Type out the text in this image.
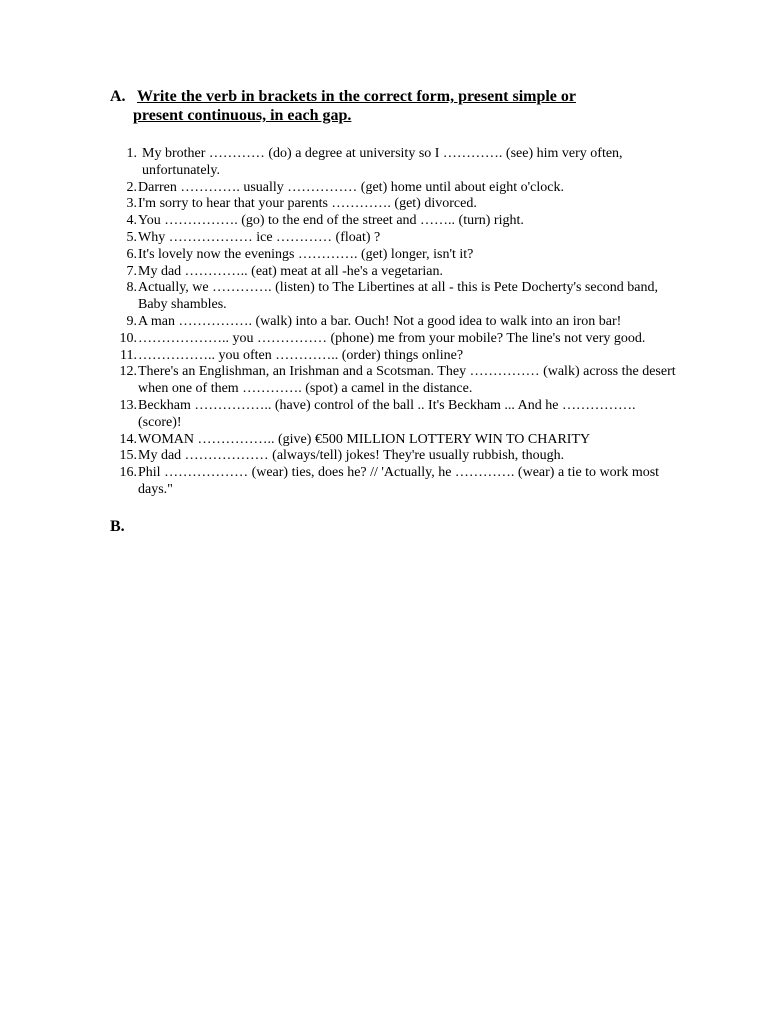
A. Write the verb in brackets in the correct form, present simple or
present continuous, in each gap.
1. My brother ………… (do) a degree at university so I …………. (see) him very often, unfortunately.
2. Darren …………. usually …………… (get) home until about eight o'clock.
3. I'm sorry to hear that your parents …………. (get) divorced.
4. You ……………. (go) to the end of the street and …….. (turn) right.
5. Why ……………… ice ………… (float) ?
6. It's lovely now the evenings …………. (get) longer, isn't it?
7. My dad ………….. (eat) meat at all -he's a vegetarian.
8. Actually, we …………. (listen) to The Libertines at all - this is Pete Docherty's second band, Baby shambles.
9. A man ……………. (walk) into a bar. Ouch! Not a good idea to walk into an iron bar!
10. ……………….. you …………… (phone) me from your mobile? The line's not very good.
11. …………….. you often ………….. (order) things online?
12. There's an Englishman, an Irishman and a Scotsman. They …………… (walk) across the desert when one of them …………. (spot) a camel in the distance.
13. Beckham …………….. (have) control of the ball .. It's Beckham ... And he ……………. (score)!
14. WOMAN …………….. (give) €500 MILLION LOTTERY WIN TO CHARITY
15. My dad ……………… (always/tell) jokes! They're usually rubbish, though.
16. Phil ……………… (wear) ties, does he? // 'Actually, he …………. (wear) a tie to work most days."
B.
